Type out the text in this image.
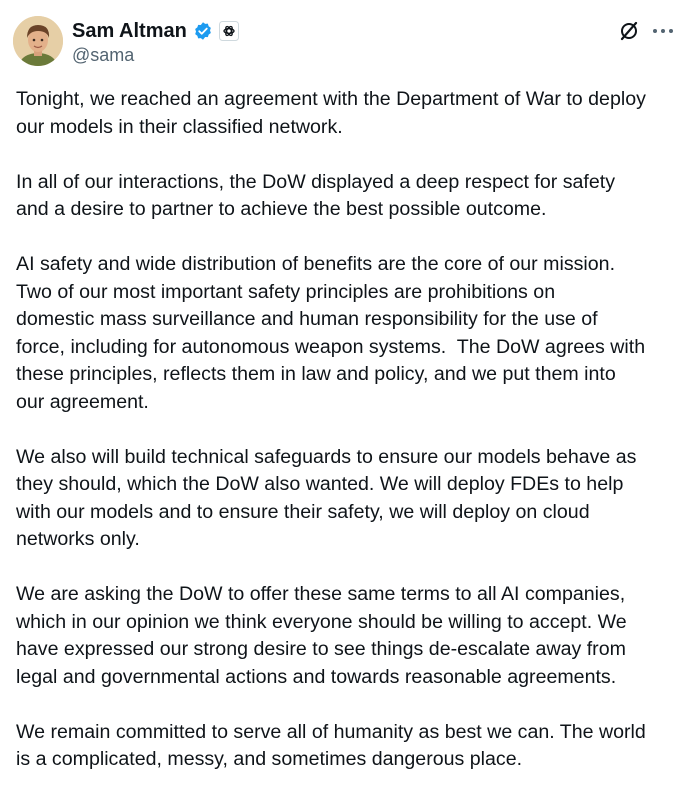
Sam Altman
@sama

Tonight, we reached an agreement with the Department of War to deploy
our models in their classified network.

In all of our interactions, the DoW displayed a deep respect for safety
and a desire to partner to achieve the best possible outcome.

AI safety and wide distribution of benefits are the core of our mission.
Two of our most important safety principles are prohibitions on
domestic mass surveillance and human responsibility for the use of
force, including for autonomous weapon systems.  The DoW agrees with
these principles, reflects them in law and policy, and we put them into
our agreement.

We also will build technical safeguards to ensure our models behave as
they should, which the DoW also wanted. We will deploy FDEs to help
with our models and to ensure their safety, we will deploy on cloud
networks only.

We are asking the DoW to offer these same terms to all AI companies,
which in our opinion we think everyone should be willing to accept. We
have expressed our strong desire to see things de-escalate away from
legal and governmental actions and towards reasonable agreements.

We remain committed to serve all of humanity as best we can. The world
is a complicated, messy, and sometimes dangerous place.
